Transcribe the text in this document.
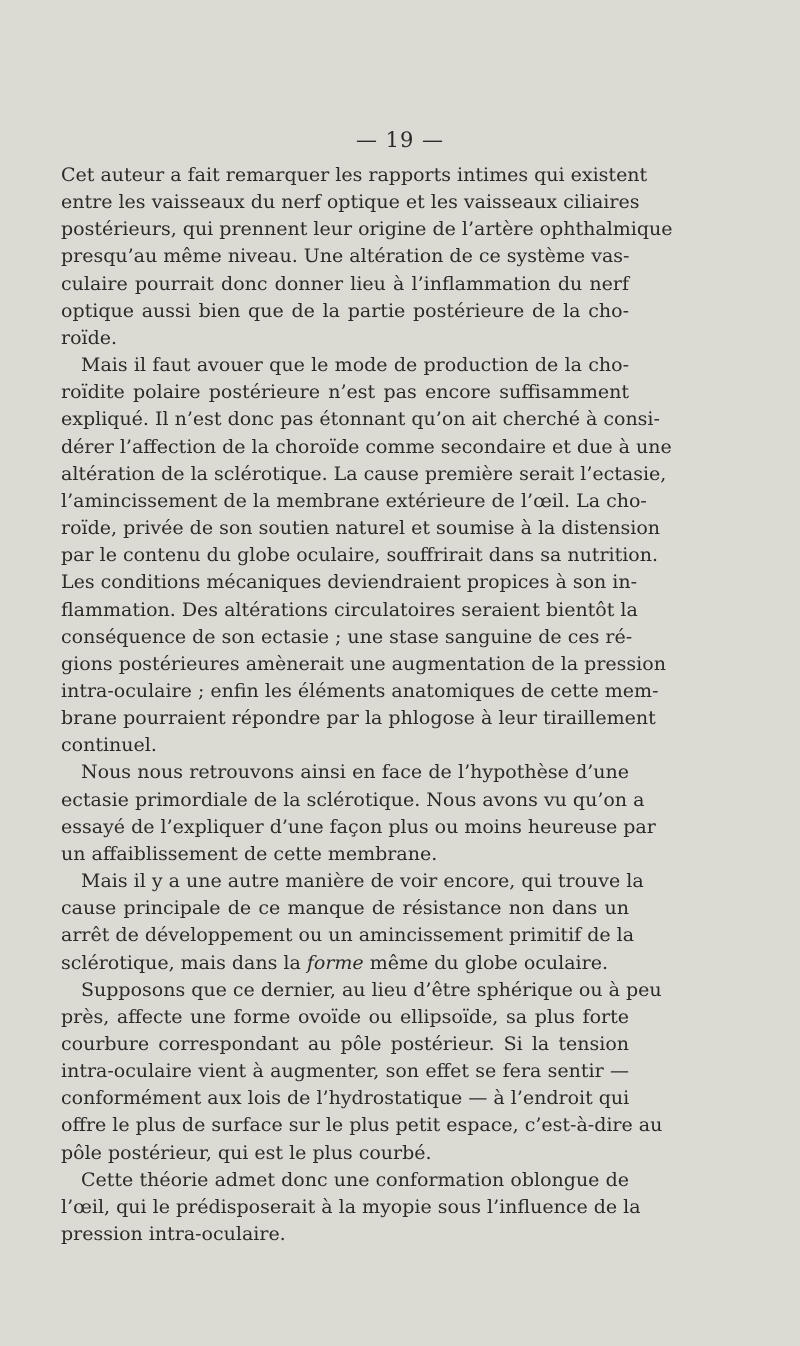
— 19 —
Cet auteur a fait remarquer les rapports intimes qui existent
entre les vaisseaux du nerf optique et les vaisseaux ciliaires
postérieurs, qui prennent leur origine de l’artère ophthalmique
presqu’au même niveau. Une altération de ce système vas-
culaire pourrait donc donner lieu à l’inflammation du nerf
optique aussi bien que de la partie postérieure de la cho-
roïde.
Mais il faut avouer que le mode de production de la cho-
roïdite polaire postérieure n’est pas encore suffisamment
expliqué. Il n’est donc pas étonnant qu’on ait cherché à consi-
dérer l’affection de la choroïde comme secondaire et due à une
altération de la sclérotique. La cause première serait l’ectasie,
l’amincissement de la membrane extérieure de l’œil. La cho-
roïde, privée de son soutien naturel et soumise à la distension
par le contenu du globe oculaire, souffrirait dans sa nutrition.
Les conditions mécaniques deviendraient propices à son in-
flammation. Des altérations circulatoires seraient bientôt la
conséquence de son ectasie ; une stase sanguine de ces ré-
gions postérieures amènerait une augmentation de la pression
intra-oculaire ; enfin les éléments anatomiques de cette mem-
brane pourraient répondre par la phlogose à leur tiraillement
continuel.
Nous nous retrouvons ainsi en face de l’hypothèse d’une
ectasie primordiale de la sclérotique. Nous avons vu qu’on a
essayé de l’expliquer d’une façon plus ou moins heureuse par
un affaiblissement de cette membrane.
Mais il y a une autre manière de voir encore, qui trouve la
cause principale de ce manque de résistance non dans un
arrêt de développement ou un amincissement primitif de la
sclérotique, mais dans la forme même du globe oculaire.
Supposons que ce dernier, au lieu d’être sphérique ou à peu
près, affecte une forme ovoïde ou ellipsoïde, sa plus forte
courbure correspondant au pôle postérieur. Si la tension
intra-oculaire vient à augmenter, son effet se fera sentir —
conformément aux lois de l’hydrostatique — à l’endroit qui
offre le plus de surface sur le plus petit espace, c’est-à-dire au
pôle postérieur, qui est le plus courbé.
Cette théorie admet donc une conformation oblongue de
l’œil, qui le prédisposerait à la myopie sous l’influence de la
pression intra-oculaire.
